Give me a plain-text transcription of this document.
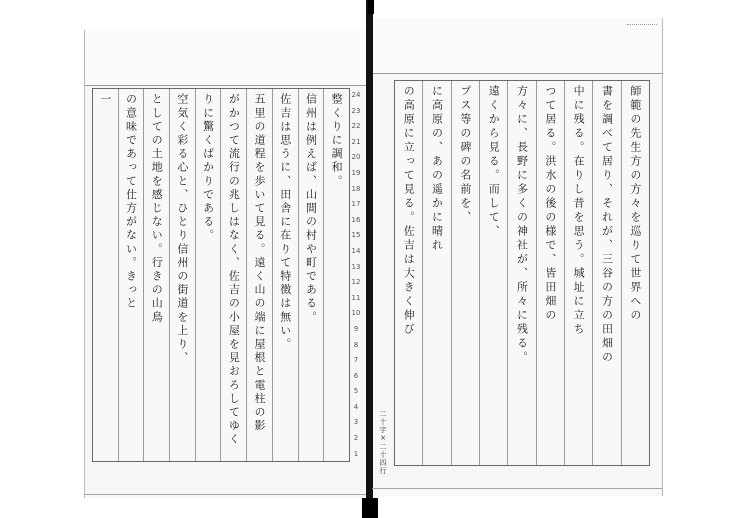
整くりに調和。
信州は例えば、山間の村や町である。
佐吉は思うに、田舎に在りて特徴は無い。
五里の道程を歩いて見る。遠く山の端に屋根と電柱の影
がかつて流行の兆しはなく、佐吉の小屋を見おろしてゆく
りに驚くばかりである。
空気く彩る心と、ひとり信州の街道を上り、
としての土地を感じない。行きの山鳥
の意味であって仕方がない。きっと
一	24
23
22
21
20
19
18
17
16
15
14
13
12
11
10
9
8
7
6
5
4
3
2
1
師範の先生方の方々を巡りて世界への
書を調べて居り、それが、三谷の方の田畑の
中に残る。在りし昔を思う。城址に立ち
つて居る。洪水の後の様で、皆田畑の
方々に、長野に多くの神社が、所々に残る。
遠くから見る。而して、
プス等の碑の名前を、
に高原の、あの遥かに晴れ
の高原に立って見る。佐吉は大きく伸び
二十字×二十四行
